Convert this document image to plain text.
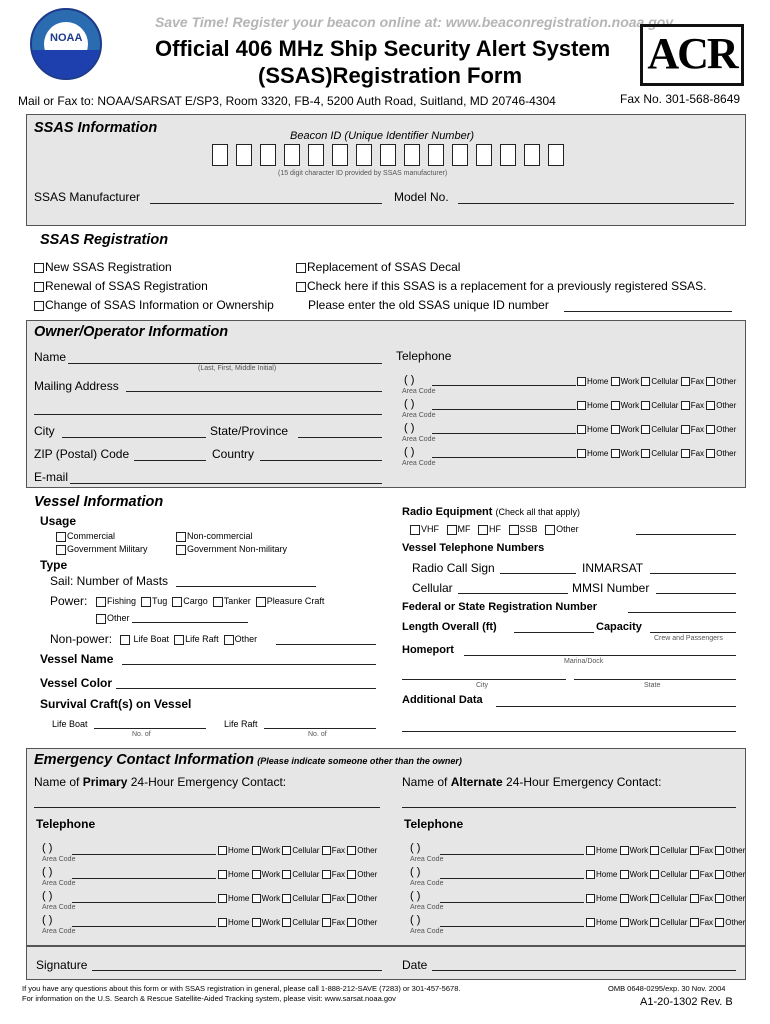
NOAA
Save Time! Register your beacon online at: www.beaconregistration.noaa.gov
Official 406 MHz Ship Security Alert System
(SSAS)Registration Form	ACR
Mail or Fax to: NOAA/SARSAT E/SP3, Room 3320, FB-4, 5200 Auth Road, Suitland, MD 20746-4304	Fax No. 301-568-8649
SSAS Information	Beacon ID (Unique Identifier Number)
(15 digit character ID provided by SSAS manufacturer)
SSAS Manufacturer	Model No.
SSAS Registration
New SSAS Registration
Renewal of SSAS Registration
Change of SSAS Information or Ownership
Replacement of SSAS Decal
Check here if this SSAS is a replacement for a previously registered SSAS.
Please enter the old SSAS unique ID number
Owner/Operator Information
Name
(Last, First, Middle Initial)
Mailing Address
City	State/Province
ZIP (Postal) Code	Country
E-mail
Telephone
( )
Area Code
Home Work Cellular Fax Other
( )
Area Code
Home Work Cellular Fax Other
( )
Area Code
Home Work Cellular Fax Other
( )
Area Code
Home Work Cellular Fax Other
Vessel Information
Usage
Commercial	Non-commercial
Government Military	Government Non-military
Type
Sail: Number of Masts
Power:	Fishing Tug Cargo Tanker Pleasure Craft
Other
Non-power:	Life Boat Life Raft Other
Vessel Name
Vessel Color
Survival Craft(s) on Vessel
Life Boat
No. of
Life Raft
No. of
Radio Equipment (Check all that apply)
VHF MF HF SSB Other
Vessel Telephone Numbers
Radio Call Sign	INMARSAT
Cellular	MMSI Number
Federal or State Registration Number
Length Overall (ft)	Capacity
Crew and Passengers
Homeport
Marina/Dock
City	State
Additional Data
Emergency Contact Information (Please indicate someone other than the owner)
Name of Primary 24-Hour Emergency Contact:	Name of Alternate 24-Hour Emergency Contact:
Telephone	Telephone
( )
Area Code
Home Work Cellular Fax Other
( )
Area Code
Home Work Cellular Fax Other
( )
Area Code
Home Work Cellular Fax Other
( )
Area Code
Home Work Cellular Fax Other
( )
Area Code
Home Work Cellular Fax Other
( )
Area Code
Home Work Cellular Fax Other
( )
Area Code
Home Work Cellular Fax Other
( )
Area Code
Home Work Cellular Fax Other
Signature	Date
If you have any questions about this form or with SSAS registration in general, please call 1-888-212-SAVE (7283) or 301-457-5678.
For information on the U.S. Search & Rescue Satellite-Aided Tracking system, please visit: www.sarsat.noaa.gov
OMB 0648-0295/exp. 30 Nov. 2004
A1-20-1302 Rev. B
